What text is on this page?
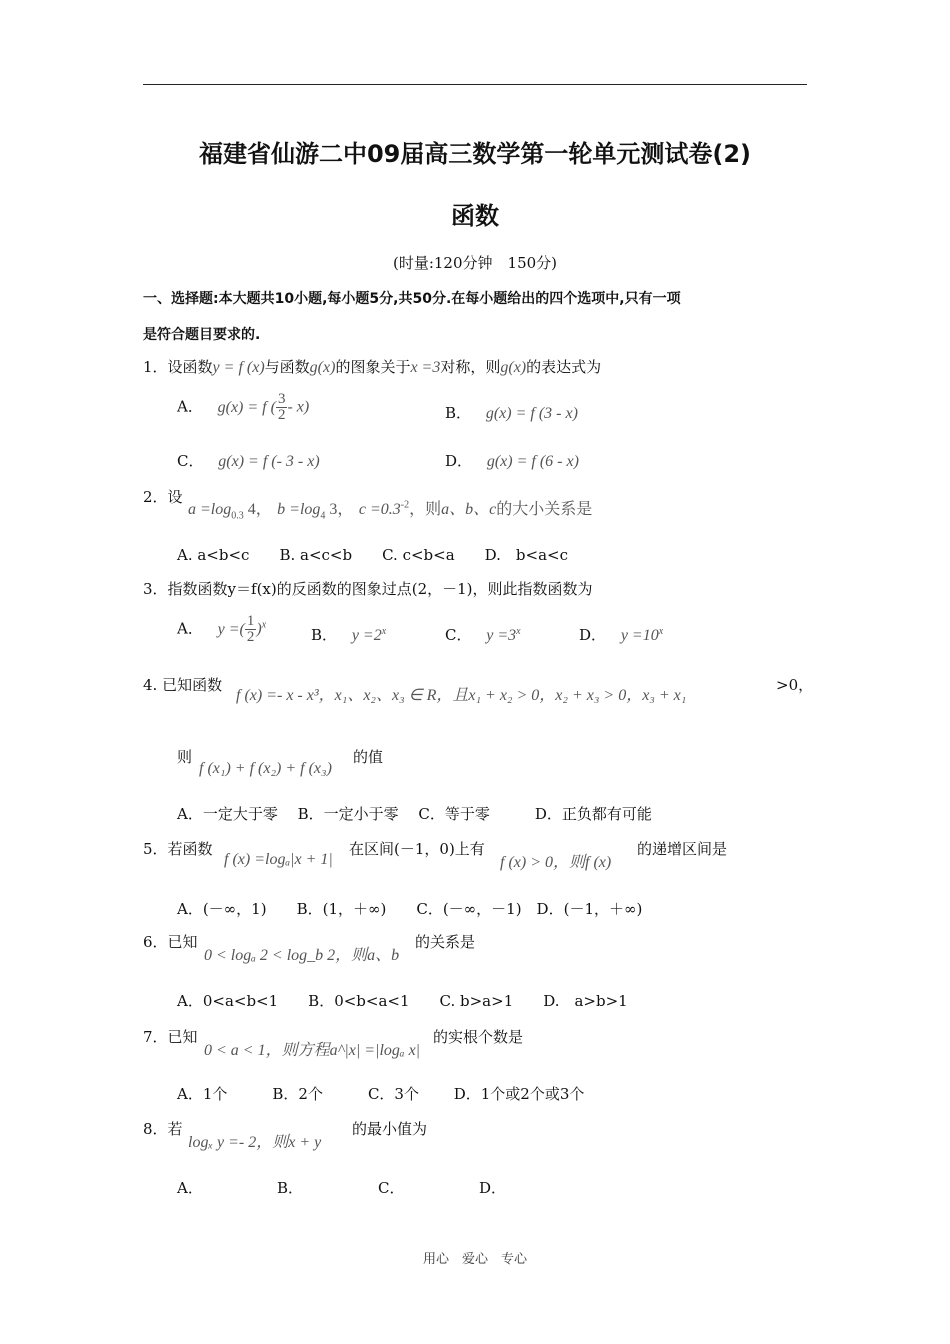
福建省仙游二中09届高三数学第一轮单元测试卷(2)
函数
(时量:120分钟　150分)
一、选择题:本大题共10小题,每小题5分,共50分.在每小题给出的四个选项中,只有一项
是符合题目要求的.
1．设函数y = f (x)与函数g(x)的图象关于x =3对称，则g(x)的表达式为
A． g(x) = f ( $\frac{3}{2} - x$)	B． g(x) = f (3 - x)
C． g(x) = f (- 3 - x)	D． g(x) = f (6 - x)
2．设
$a =\log_{0.3}$ 4， $b =\log_4$ 3， $c =0.3^{-2}$，则a、b、c的大小关系是
A. a<b<c　　B. a<c<b　　C. c<b<a　　D.　b<a<c
3．指数函数y＝f(x)的反函数的图象过点(2，－1)，则此指数函数为
A． y =( $\frac{1}{2} )^x$
B． $y =2^x$	C． $y =3^x$	D． $y =10^x$
4. 已知函数
f (x) =- x - x³，x₁、x₂、x₃ ∈ R，且x₁ + x₂ > 0，x₂ + x₃ > 0，x₃ + x₁
>0，
则
f (x₁) + f (x₂) + f (x₃)
的值
A．一定大于零　 B．一定小于零　 C．等于零　　　D．正负都有可能
5．若函数
f (x) =logₐ|x + 1|
在区间(－1，0)上有
f (x) > 0，则f (x)
的递增区间是
A．(－∞，1)　　B．(1，＋∞)　　C．(－∞，－1)　D．(－1，＋∞)
6．已知
0 < logₐ 2 < log_b 2，则a、b
的关系是
A．0<a<b<1　　B．0<b<a<1　　C. b>a>1　　D.　a>b>1
7．已知
0 < a < 1，则方程a^|x| =|logₐ x|
的实根个数是
A．1个　　　B．2个　　　C．3个　　 D．1个或2个或3个
8．若
logₓ y =- 2，则x + y
的最小值为
A．	B．	C．	D．
用心　爱心　专心
